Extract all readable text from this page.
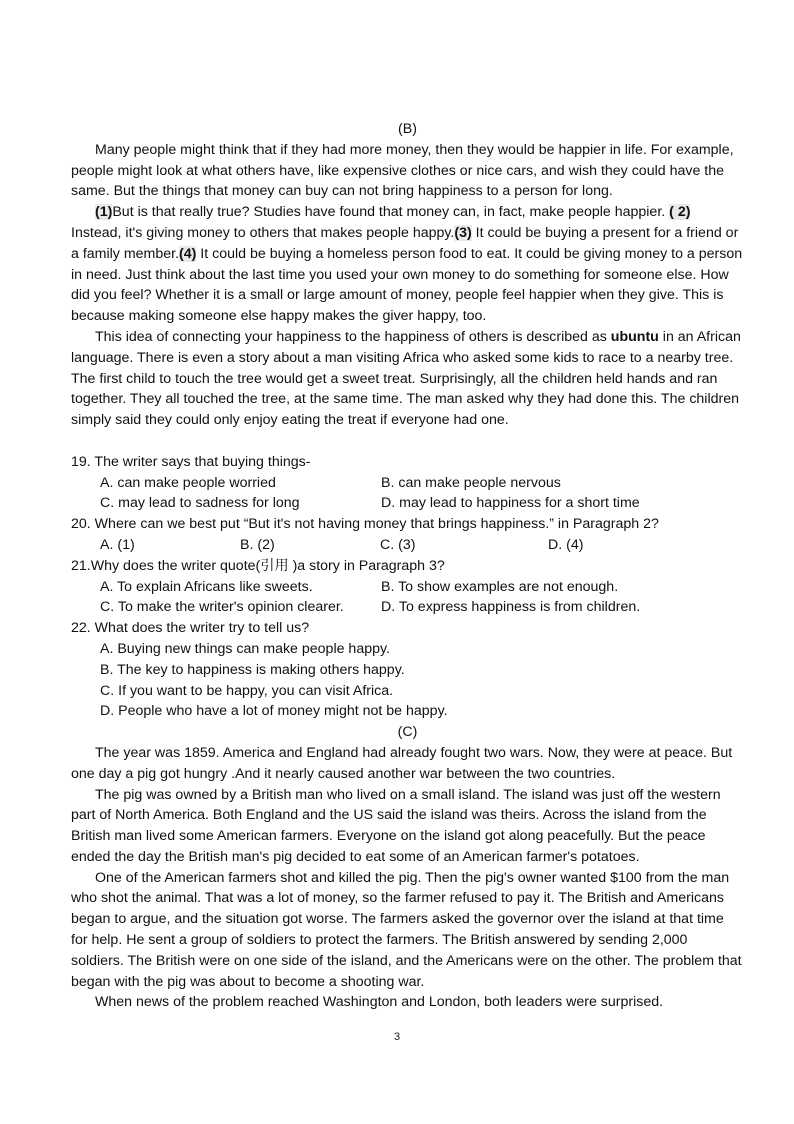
(B)

Many people might think that if they had more money, then they would be happier in life. For example, people might look at what others have, like expensive clothes or nice cars, and wish they could have the same. But the things that money can buy can not bring happiness to a person for long.

(1)But is that really true? Studies have found that money can, in fact, make people happier. ( 2) Instead, it's giving money to others that makes people happy.(3) It could be buying a present for a friend or a family member.(4) It could be buying a homeless person food to eat. It could be giving money to a person in need. Just think about the last time you used your own money to do something for someone else. How did you feel? Whether it is a small or large amount of money, people feel happier when they give. This is because making someone else happy makes the giver happy, too.

This idea of connecting your happiness to the happiness of others is described as ubuntu in an African language. There is even a story about a man visiting Africa who asked some kids to race to a nearby tree. The first child to touch the tree would get a sweet treat. Surprisingly, all the children held hands and ran together. They all touched the tree, at the same time. The man asked why they had done this. The children simply said they could only enjoy eating the treat if everyone had one.

19. The writer says that buying things-

A. can make people worried	B. can make people nervous
C. may lead to sadness for long	D. may lead to happiness for a short time

20. Where can we best put “But it's not having money that brings happiness.” in Paragraph 2?

A. (1)	B. (2)	C. (3)	D. (4)

21.Why does the writer quote(引用 )a story in Paragraph 3?

A. To explain Africans like sweets.	B. To show examples are not enough.
C. To make the writer's opinion clearer.	D. To express happiness is from children.

22. What does the writer try to tell us?

A. Buying new things can make people happy.

B. The key to happiness is making others happy.

C. If you want to be happy, you can visit Africa.

D. People who have a lot of money might not be happy.

(C)

The year was 1859. America and England had already fought two wars. Now, they were at peace. But one day a pig got hungry .And it nearly caused another war between the two countries.

The pig was owned by a British man who lived on a small island. The island was just off the western part of North America. Both England and the US said the island was theirs. Across the island from the British man lived some American farmers. Everyone on the island got along peacefully. But the peace ended the day the British man's pig decided to eat some of an American farmer's potatoes.

One of the American farmers shot and killed the pig. Then the pig's owner wanted $100 from the man who shot the animal. That was a lot of money, so the farmer refused to pay it. The British and Americans began to argue, and the situation got worse. The farmers asked the governor over the island at that time for help. He sent a group of soldiers to protect the farmers. The British answered by sending 2,000 soldiers. The British were on one side of the island, and the Americans were on the other. The problem that began with the pig was about to become a shooting war.

When news of the problem reached Washington and London, both leaders were surprised.

3
